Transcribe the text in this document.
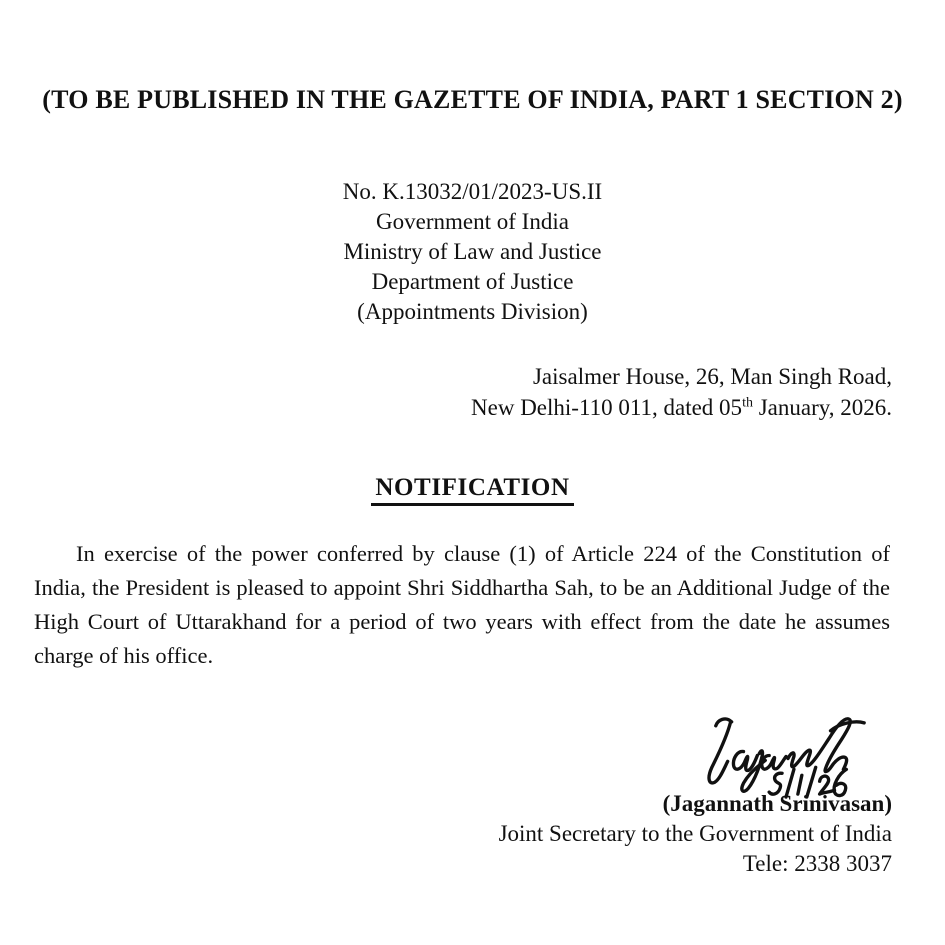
(TO BE PUBLISHED IN THE GAZETTE OF INDIA, PART 1 SECTION 2)
No. K.13032/01/2023-US.II
Government of India
Ministry of Law and Justice
Department of Justice
(Appointments Division)
Jaisalmer House, 26, Man Singh Road,
New Delhi-110 011, dated 05th January, 2026.
NOTIFICATION
In exercise of the power conferred by clause (1) of Article 224 of the Constitution of India, the President is pleased to appoint Shri Siddhartha Sah, to be an Additional Judge of the High Court of Uttarakhand for a period of two years with effect from the date he assumes charge of his office.
(Jagannath Srinivasan)
Joint Secretary to the Government of India
Tele: 2338 3037
